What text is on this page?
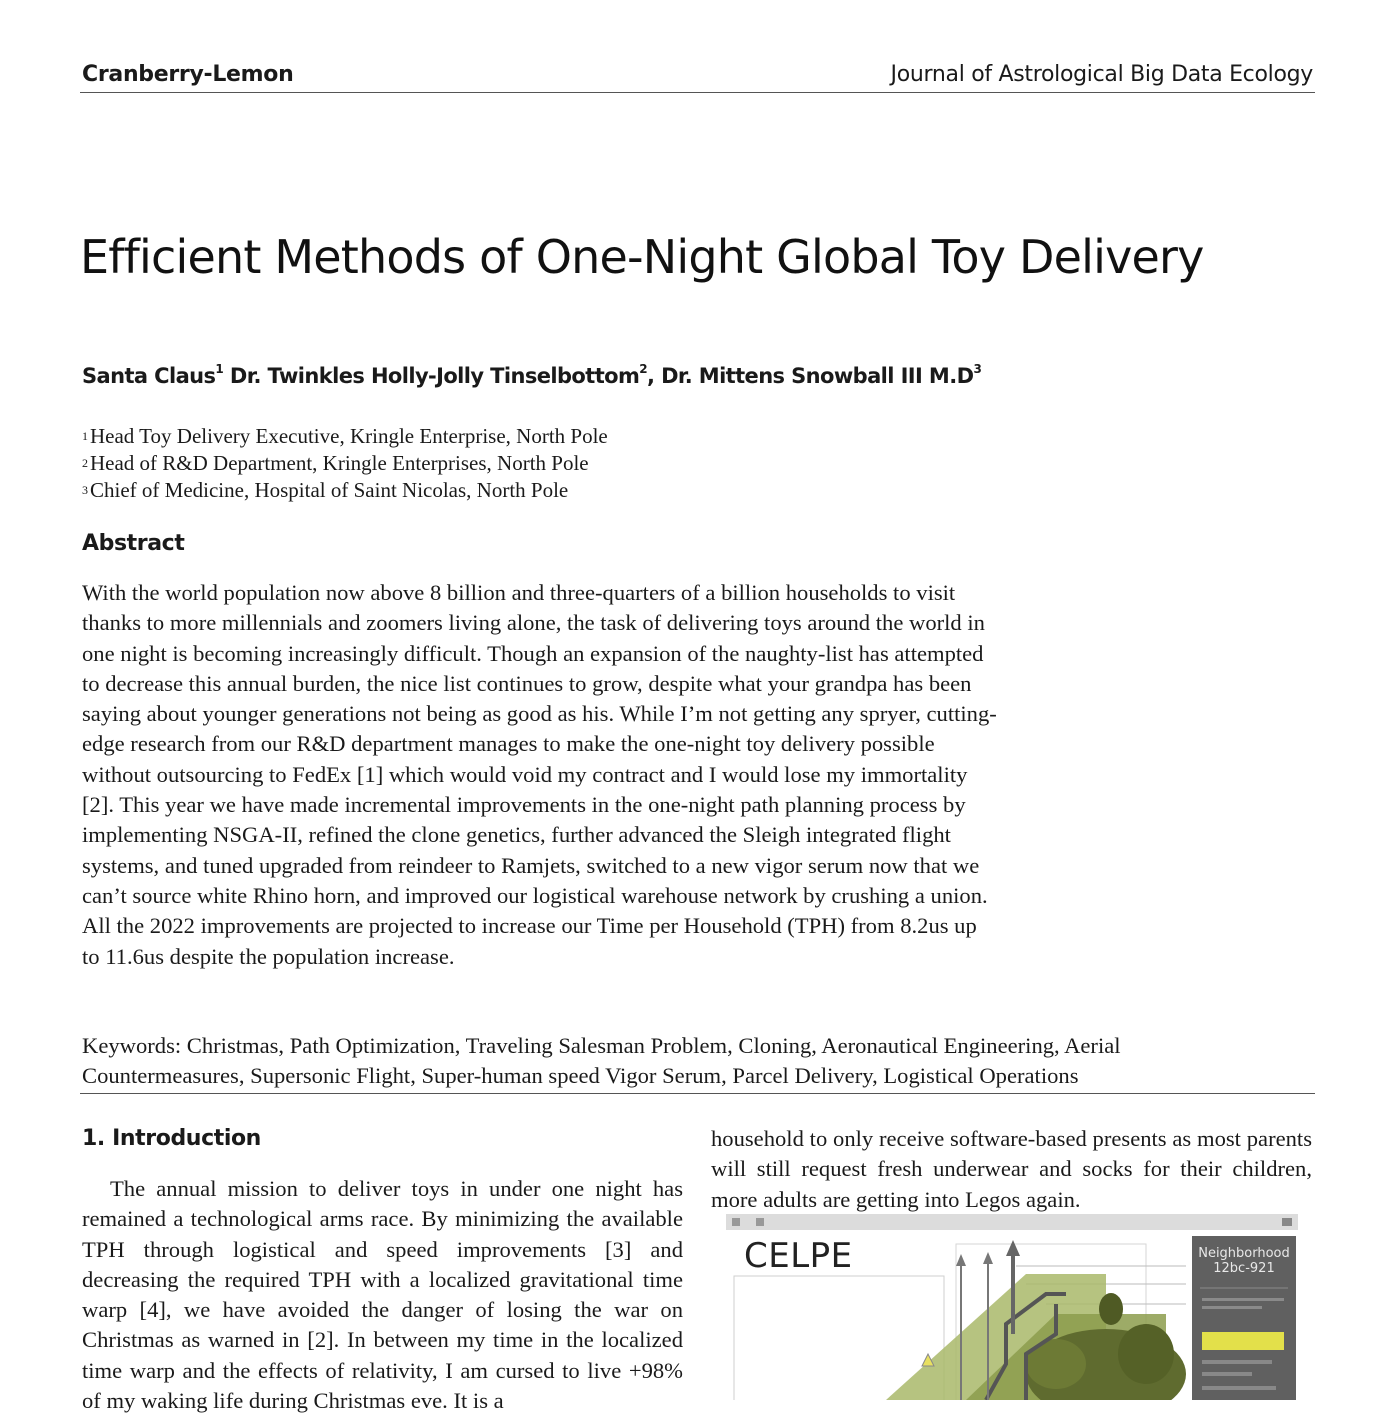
Cranberry-Lemon	Journal of Astrological Big Data Ecology
Efficient Methods of One-Night Global Toy Delivery
Santa Claus$^1$ Dr. Twinkles Holly-Jolly Tinselbottom$^2$, Dr. Mittens Snowball III $M.D^3$
$^1$Head Toy Delivery Executive, Kringle Enterprise, North Pole
$^2$Head of R&D Department, Kringle Enterprises, North Pole
$^3$Chief of Medicine, Hospital of Saint Nicolas, North Pole
Abstract
With the world population now above 8 billion and three-quarters of a billion households to visit thanks to more millennials and zoomers living alone, the task of delivering toys around the world in one night is becoming increasingly difficult. Though an expansion of the naughty-list has attempted to decrease this annual burden, the nice list continues to grow, despite what your grandpa has been saying about younger generations not being as good as his. While I’m not getting any spryer, cutting-edge research from our R&D department manages to make the one-night toy delivery possible without outsourcing to FedEx [1] which would void my contract and I would lose my immortality [2]. This year we have made incremental improvements in the one-night path planning process by implementing NSGA-II, refined the clone genetics, further advanced the Sleigh integrated flight systems, and tuned upgraded from reindeer to Ramjets, switched to a new vigor serum now that we can’t source white Rhino horn, and improved our logistical warehouse network by crushing a union. All the 2022 improvements are projected to increase our Time per Household (TPH) from 8.2us up to 11.6us despite the population increase.
Keywords: Christmas, Path Optimization, Traveling Salesman Problem, Cloning, Aeronautical Engineering, Aerial Countermeasures, Supersonic Flight, Super-human speed Vigor Serum, Parcel Delivery, Logistical Operations
1. Introduction
The annual mission to deliver toys in under one night has remained a technological arms race. By minimizing the available TPH through logistical and speed improvements [3] and decreasing the required TPH with a localized gravitational time warp [4], we have avoided the danger of losing the war on Christmas as warned in [2]. In between my time in the localized time warp and the effects of relativity, I am cursed to live +98% of my waking life during Christmas eve. It is a
household to only receive software-based presents as most parents will still request fresh underwear and socks for their children, more adults are getting into Legos again.
CELPE	Neighborhood
12bc-921
